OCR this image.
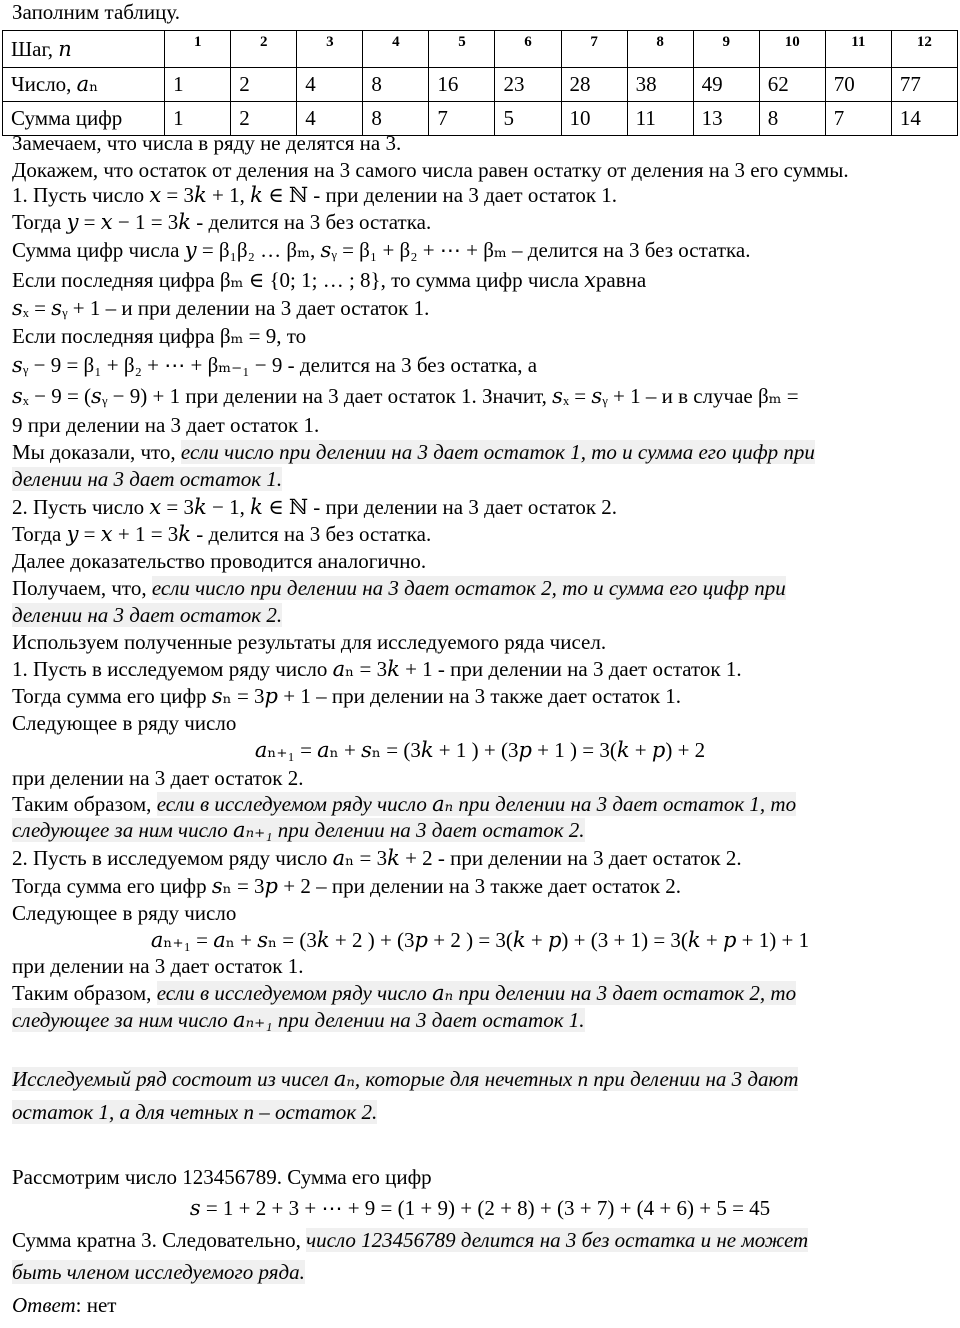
Заполним таблицу.
Шаг, 𝑛	1	2	3	4	5	6	7	8	9	10	11	12
Число, 𝑎ₙ	1	2	4	8	16	23	28	38	49	62	70	77
Сумма цифр	1	2	4	8	7	5	10	11	13	8	7	14
Замечаем, что числа в ряду не делятся на 3.
Докажем, что остаток от деления на 3 самого числа равен остатку от деления на 3 его суммы.
1. Пусть число 𝑥 = 3𝑘 + 1, 𝑘 ∈ ℕ - при делении на 3 дает остаток 1.
Тогда 𝑦 = 𝑥 − 1 = 3𝑘 - делится на 3 без остатка.
Сумма цифр числа 𝑦 = β₁β₂ … βₘ, 𝑠ᵧ = β₁ + β₂ + ⋯ + βₘ – делится на 3 без остатка.
Если последняя цифра βₘ ∈ {0; 1; … ; 8}, то сумма цифр числа 𝑥равна
𝑠ₓ = 𝑠ᵧ + 1 – и при делении на 3 дает остаток 1.
Если последняя цифра βₘ = 9, то
𝑠ᵧ − 9 = β₁ + β₂ + ⋯ + βₘ₋₁ − 9 - делится на 3 без остатка, а
𝑠ₓ − 9 = (𝑠ᵧ − 9) + 1 при делении на 3 дает остаток 1. Значит, 𝑠ₓ = 𝑠ᵧ + 1 – и в случае βₘ =
9 при делении на 3 дает остаток 1.
Мы доказали, что, если число при делении на 3 дает остаток 1, то и сумма его цифр при
делении на 3 дает остаток 1.
2. Пусть число 𝑥 = 3𝑘 − 1, 𝑘 ∈ ℕ - при делении на 3 дает остаток 2.
Тогда 𝑦 = 𝑥 + 1 = 3𝑘 - делится на 3 без остатка.
Далее доказательство проводится аналогично.
Получаем, что, если число при делении на 3 дает остаток 2, то и сумма его цифр при
делении на 3 дает остаток 2.
Используем полученные результаты для исследуемого ряда чисел.
1. Пусть в исследуемом ряду число 𝑎ₙ = 3𝑘 + 1 - при делении на 3 дает остаток 1.
Тогда сумма его цифр 𝑠ₙ = 3𝑝 + 1 – при делении на 3 также дает остаток 1.
Следующее в ряду число
𝑎ₙ₊₁ = 𝑎ₙ + 𝑠ₙ = (3𝑘 + 1 ) + (3𝑝 + 1 ) = 3(𝑘 + 𝑝) + 2
при делении на 3 дает остаток 2.
Таким образом, если в исследуемом ряду число 𝑎ₙ при делении на 3 дает остаток 1, то
следующее за ним число 𝑎ₙ₊₁ при делении на 3 дает остаток 2.
2. Пусть в исследуемом ряду число 𝑎ₙ = 3𝑘 + 2 - при делении на 3 дает остаток 2.
Тогда сумма его цифр 𝑠ₙ = 3𝑝 + 2 – при делении на 3 также дает остаток 2.
Следующее в ряду число
𝑎ₙ₊₁ = 𝑎ₙ + 𝑠ₙ = (3𝑘 + 2 ) + (3𝑝 + 2 ) = 3(𝑘 + 𝑝) + (3 + 1) = 3(𝑘 + 𝑝 + 1) + 1
при делении на 3 дает остаток 1.
Таким образом, если в исследуемом ряду число 𝑎ₙ при делении на 3 дает остаток 2, то
следующее за ним число 𝑎ₙ₊₁ при делении на 3 дает остаток 1.
Исследуемый ряд состоит из чисел 𝑎ₙ, которые для нечетных n при делении на 3 дают
остаток 1, а для четных n – остаток 2.
Рассмотрим число 123456789. Сумма его цифр
𝑠 = 1 + 2 + 3 + ⋯ + 9 = (1 + 9) + (2 + 8) + (3 + 7) + (4 + 6) + 5 = 45
Сумма кратна 3. Следовательно, число 123456789 делится на 3 без остатка и не может
быть членом исследуемого ряда.
Ответ: нет
